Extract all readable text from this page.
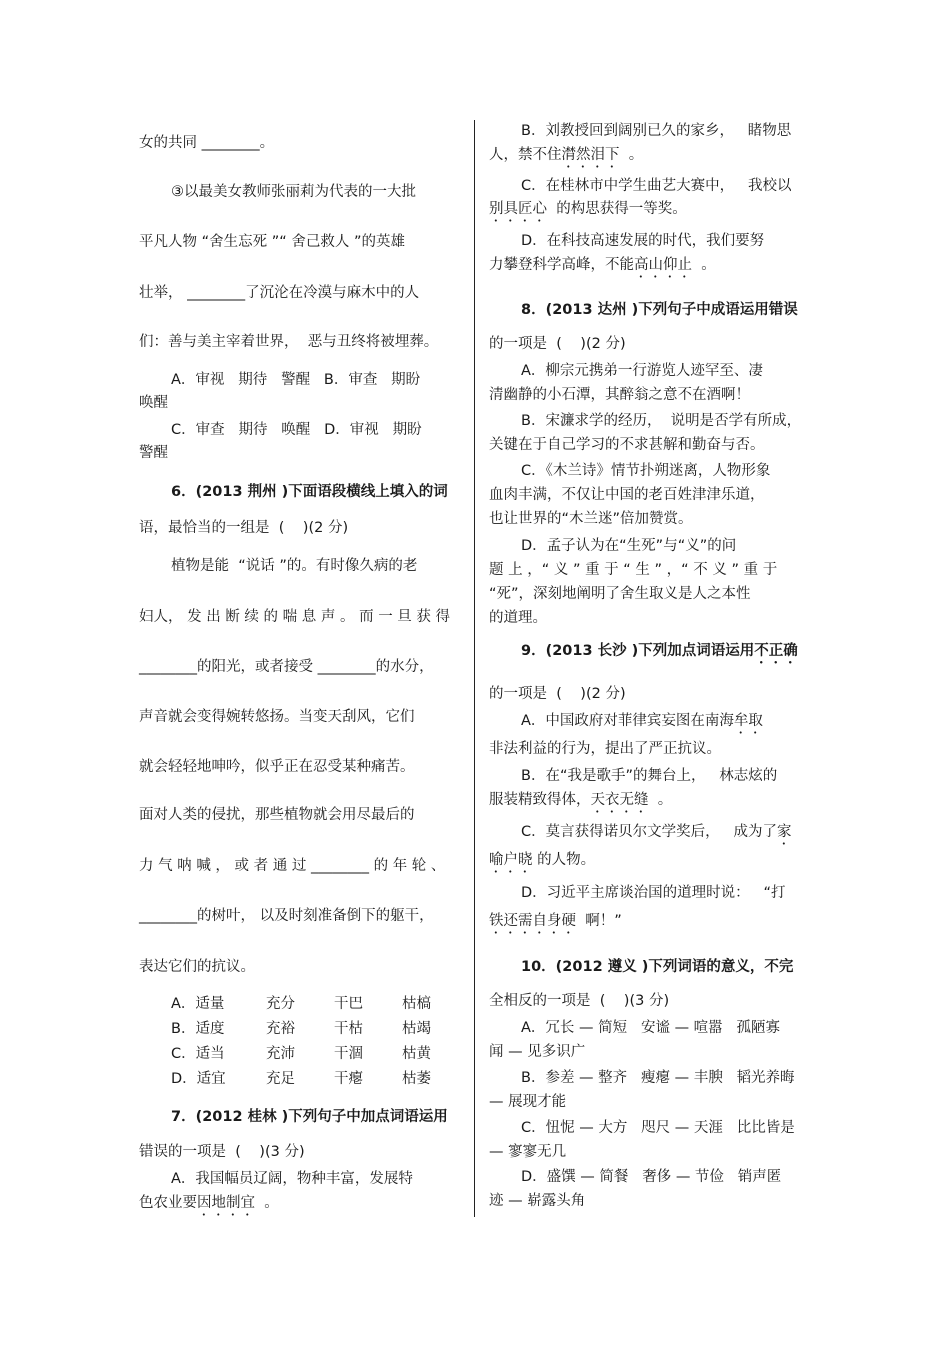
女的共同 ________。
③以最美女教师张丽莉为代表的一大批
平凡人物 “舍生忘死 ”“ 舍己救人 ”的英雄
壮举， ________了沉沦在冷漠与麻木中的人
们：善与美主宰着世界，  恶与丑终将被埋葬。
A．审视   期待   警醒   B．审查   期盼
唤醒
C．审查   期待   唤醒   D．审视   期盼
警醒
6．(2013 荆州 )下面语段横线上填入的词
语，最恰当的一组是  (    )(2 分)
植物是能  “说话 ”的。有时像久病的老
妇人， 发 出 断 续 的 喘 息 声 。 而 一 旦 获 得
________的阳光，或者接受 ________的水分，
声音就会变得婉转悠扬。当变天刮风，它们
就会轻轻地呻吟，似乎正在忍受某种痛苦。
面对人类的侵扰，那些植物就会用尽最后的
力 气 呐 喊 ， 或 者 通 过 ________ 的 年 轮 、
________的树叶， 以及时刻准备倒下的躯干，
表达它们的抗议。
A．适量	充分	干巴	枯槁
B．适度	充裕	干枯	枯竭
C．适当	充沛	干涸	枯黄
D．适宜	充足	干瘪	枯萎
7．(2012 桂林 )下列句子中加点词语运用
错误的一项是  (    )(3 分)
A．我国幅员辽阔，物种丰富，发展特
色农业要因地制宜  。
B．刘教授回到阔别已久的家乡，   睹物思
人，禁不住潸然泪下  。
C．在桂林市中学生曲艺大赛中，   我校以
别具匠心  的构思获得一等奖。
D．在科技高速发展的时代，我们要努
力攀登科学高峰，不能高山仰止  。
8．(2013 达州 )下列句子中成语运用错误
的一项是  (    )(2 分)
A．柳宗元携弟一行游览人迹罕至、凄
清幽静的小石潭，其醉翁之意不在酒啊！
B．宋濂求学的经历，  说明是否学有所成，
关键在于自己学习的不求甚解和勤奋与否。
C．《木兰诗》情节扑朔迷离，人物形象
血肉丰满，不仅让中国的老百姓津津乐道，
也让世界的“木兰迷”倍加赞赏。
D．孟子认为在“生死”与“义”的问
题 上 ，“ 义 ” 重 于 “ 生 ” ，“ 不 义 ” 重 于
“死”，深刻地阐明了舍生取义是人之本性
的道理。
9．(2013 长沙 )下列加点词语运用不正确
的一项是  (    )(2 分)
A．中国政府对菲律宾妄图在南海牟取
非法利益的行为，提出了严正抗议。
B．在“我是歌手”的舞台上，   林志炫的
服装精致得体，天衣无缝  。
C．莫言获得诺贝尔文学奖后，   成为了家
喻户晓 的人物。
D．习近平主席谈治国的道理时说：   “打
铁还需自身硬  啊！”
10．(2012 遵义 )下列词语的意义，不完
全相反的一项是  (    )(3 分)
A．冗长 — 简短   安谧 — 喧嚣   孤陋寡
闻 — 见多识广
B．参差 — 整齐   瘦瘪 — 丰腴   韬光养晦
— 展现才能
C．忸怩 — 大方   咫尺 — 天涯   比比皆是
— 寥寥无几
D．盛馔 — 简餐   奢侈 — 节俭   销声匿
迹 — 崭露头角
